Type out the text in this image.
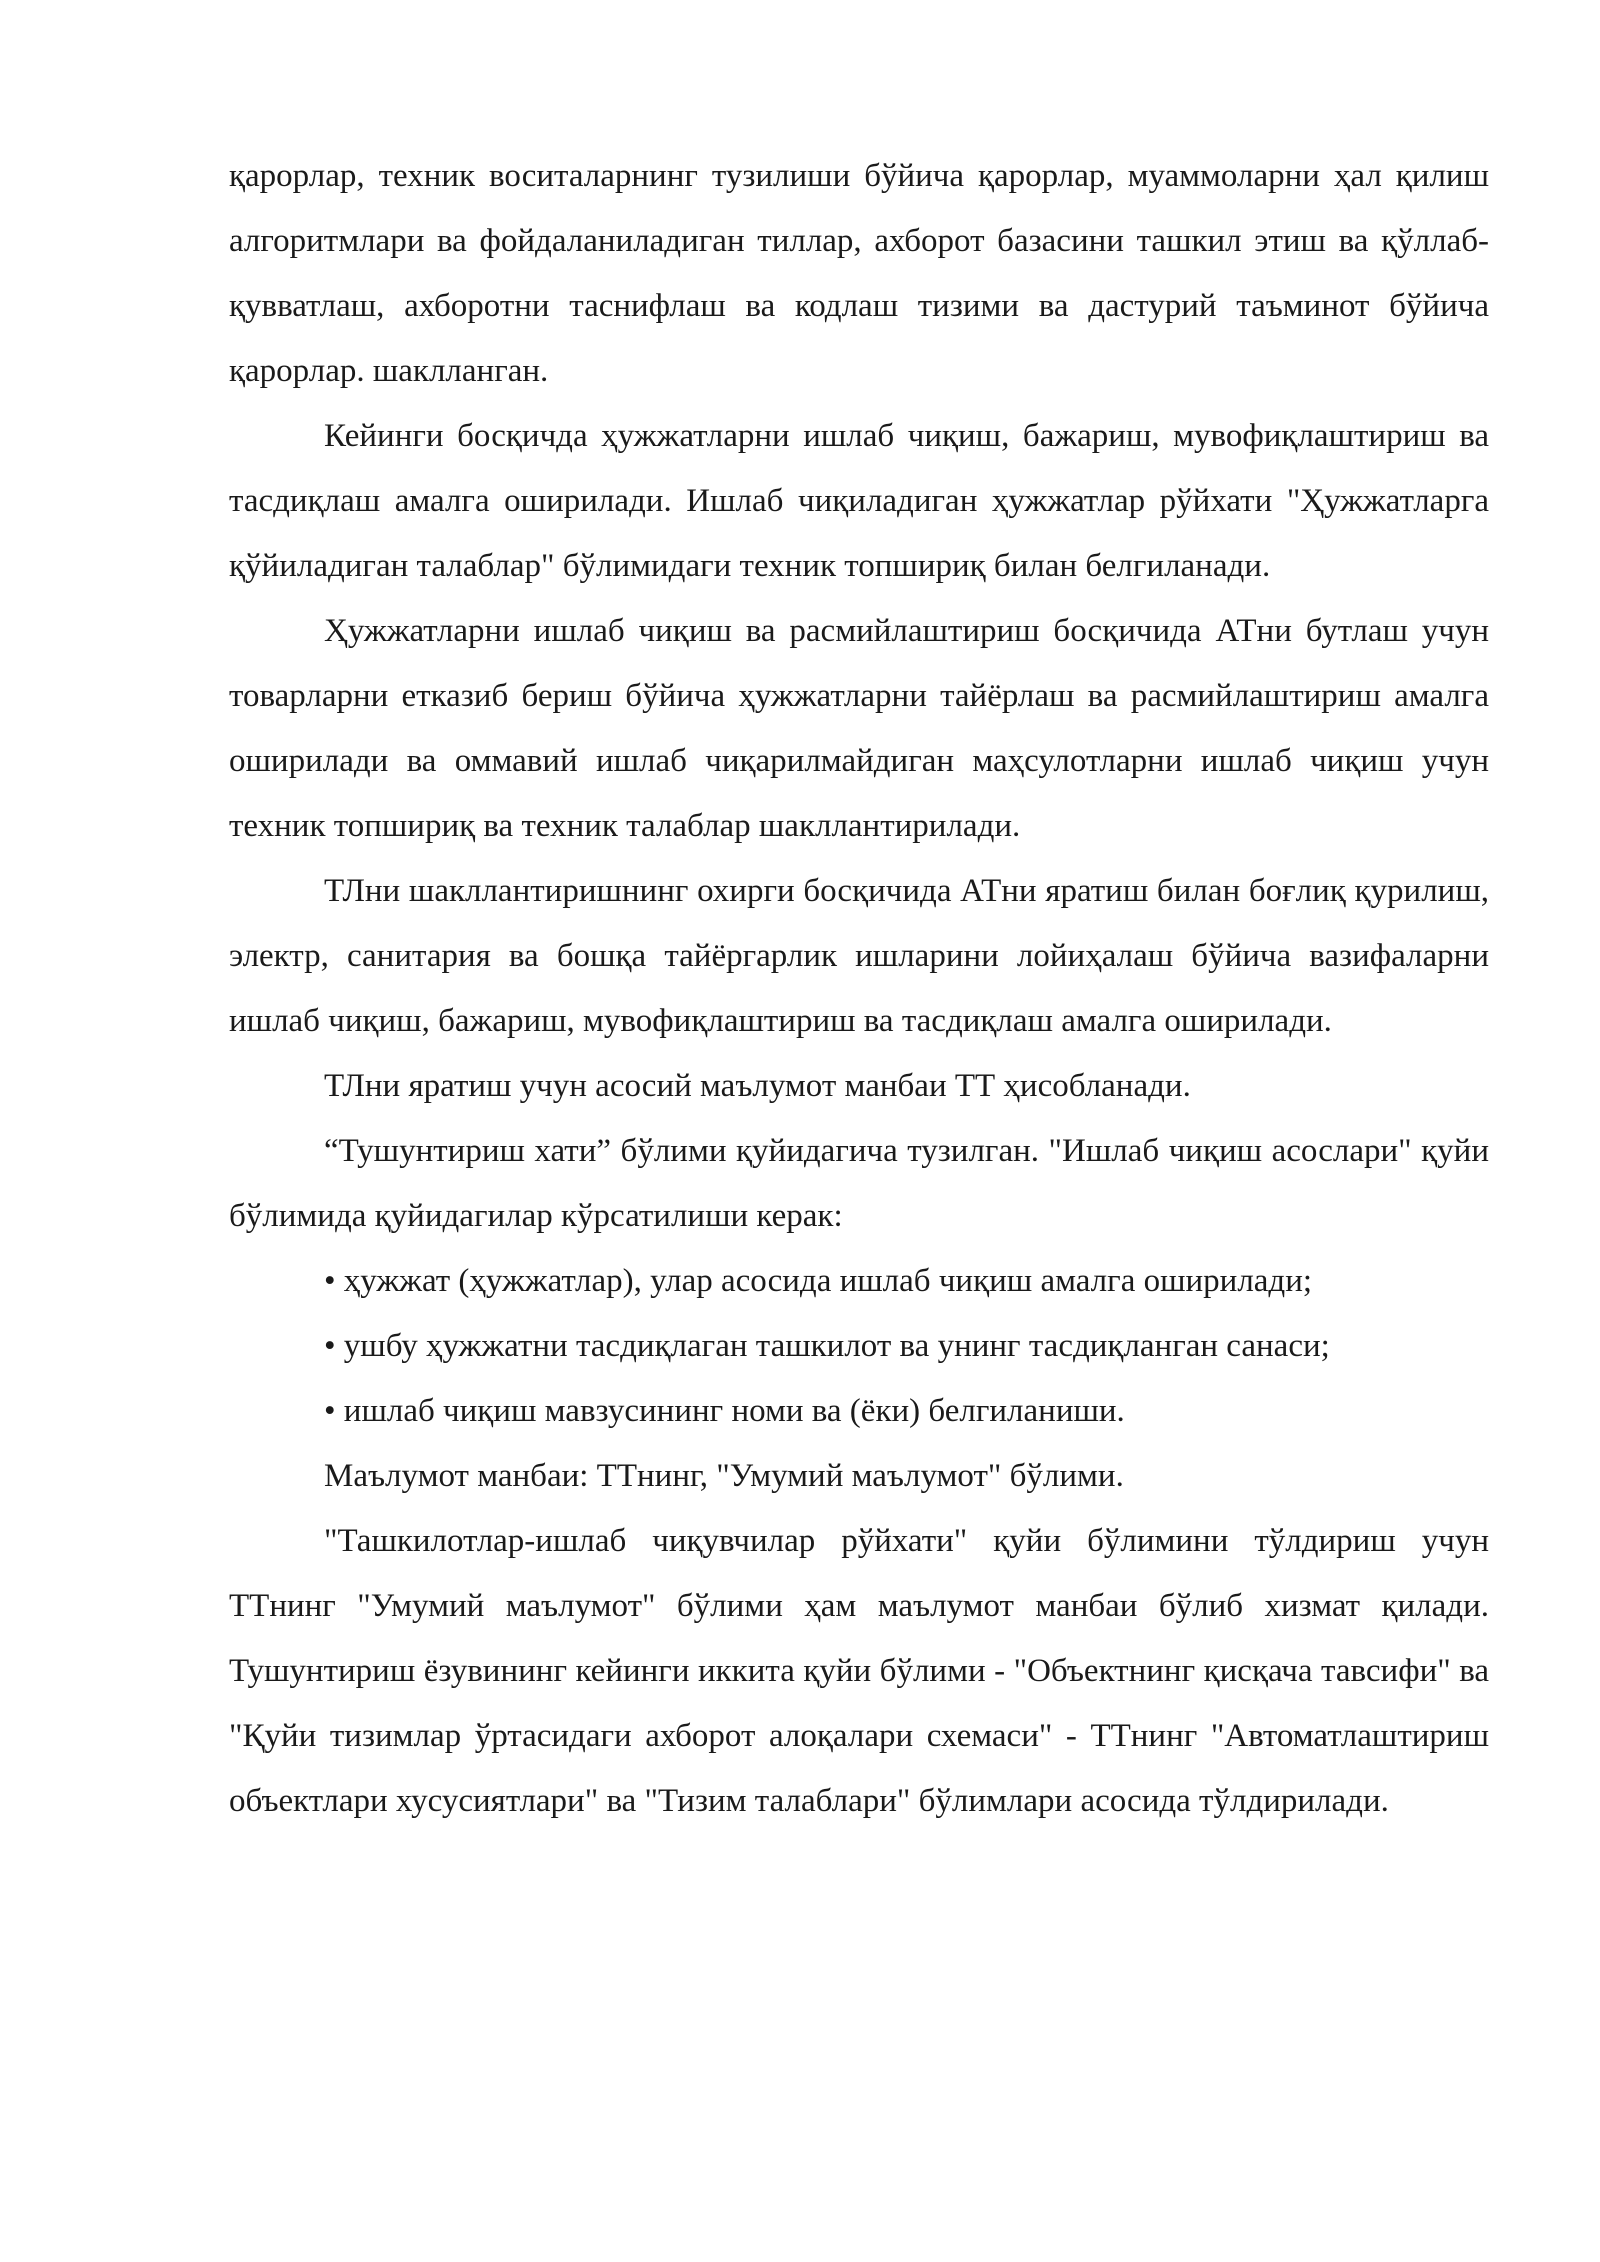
қарорлар, техник воситаларнинг тузилиши бўйича қарорлар, муаммоларни ҳал қилиш алгоритмлари ва фойдаланиладиган тиллар, ахборот базасини ташкил этиш ва қўллаб-қувватлаш, ахборотни таснифлаш ва кодлаш тизими ва дастурий таъминот бўйича қарорлар. шаклланган.

Кейинги босқичда ҳужжатларни ишлаб чиқиш, бажариш, мувофиқлаштириш ва тасдиқлаш амалга оширилади. Ишлаб чиқиладиган ҳужжатлар рўйхати "Ҳужжатларга қўйиладиган талаблар" бўлимидаги техник топшириқ билан белгиланади.

Ҳужжатларни ишлаб чиқиш ва расмийлаштириш босқичида АТни бутлаш учун товарларни етказиб бериш бўйича ҳужжатларни тайёрлаш ва расмийлаштириш амалга оширилади ва оммавий ишлаб чиқарилмайдиган маҳсулотларни ишлаб чиқиш учун техник топшириқ ва техник талаблар шакллантирилади.

ТЛни шакллантиришнинг охирги босқичида АТни яратиш билан боғлиқ қурилиш, электр, санитария ва бошқа тайёргарлик ишларини лойиҳалаш бўйича вазифаларни ишлаб чиқиш, бажариш, мувофиқлаштириш ва тасдиқлаш амалга оширилади.

ТЛни яратиш учун асосий маълумот манбаи ТТ ҳисобланади.

“Тушунтириш хати” бўлими қуйидагича тузилган. "Ишлаб чиқиш асослари" қуйи бўлимида қуйидагилар кўрсатилиши керак:

• ҳужжат (ҳужжатлар), улар асосида ишлаб чиқиш амалга оширилади;

• ушбу ҳужжатни тасдиқлаган ташкилот ва унинг тасдиқланган санаси;

• ишлаб чиқиш мавзусининг номи ва (ёки) белгиланиши.

Маълумот манбаи: ТТнинг, "Умумий маълумот" бўлими.

"Ташкилотлар-ишлаб чиқувчилар рўйхати" қуйи бўлимини тўлдириш учун ТТнинг "Умумий маълумот" бўлими ҳам маълумот манбаи бўлиб хизмат қилади. Тушунтириш ёзувининг кейинги иккита қуйи бўлими - "Объектнинг қисқача тавсифи" ва "Қуйи тизимлар ўртасидаги ахборот алоқалари схемаси" - ТТнинг "Автоматлаштириш объектлари хусусиятлари" ва "Тизим талаблари" бўлимлари асосида тўлдирилади.
